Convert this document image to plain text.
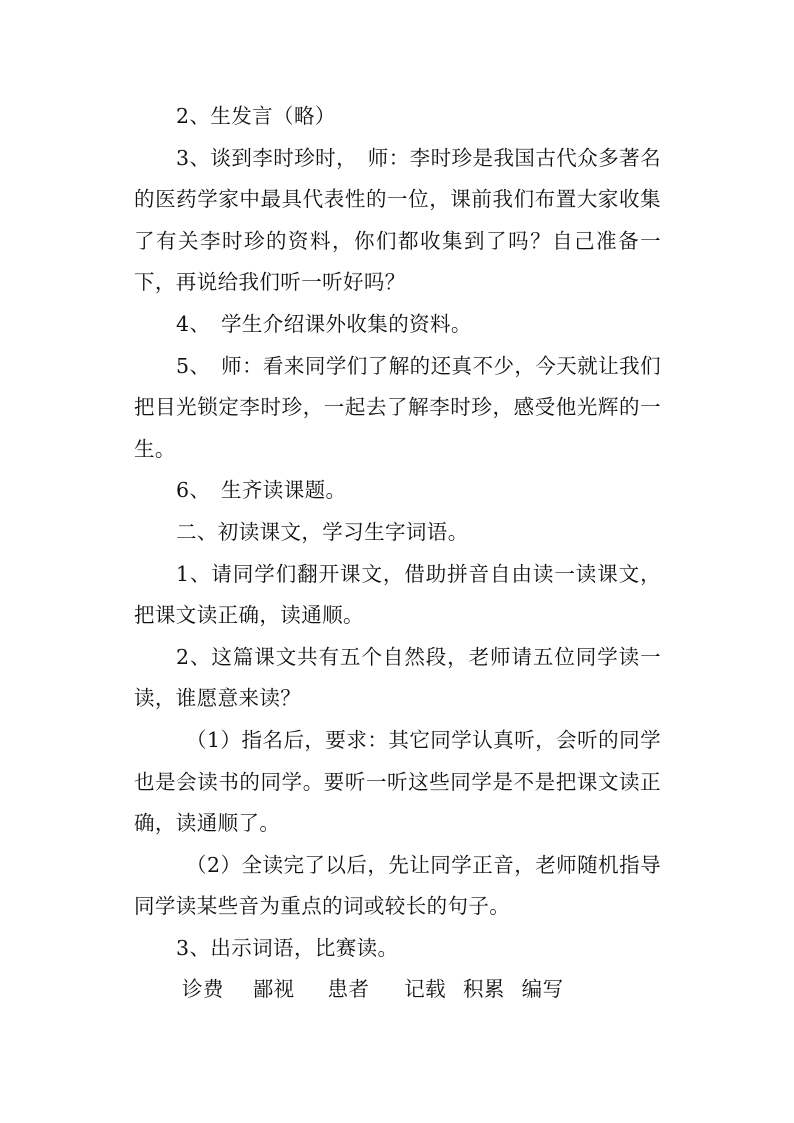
2、生发言（略）

3、谈到李时珍时，　师：李时珍是我国古代众多著名的医药学家中最具代表性的一位，课前我们布置大家收集了有关李时珍的资料，你们都收集到了吗？自己准备一下，再说给我们听一听好吗？

4、　学生介绍课外收集的资料。

5、　师：看来同学们了解的还真不少，今天就让我们把目光锁定李时珍，一起去了解李时珍，感受他光辉的一生。

6、　生齐读课题。

二、初读课文，学习生字词语。

1、请同学们翻开课文，借助拼音自由读一读课文，把课文读正确，读通顺。

2、这篇课文共有五个自然段，老师请五位同学读一读，谁愿意来读？

（1）指名后，要求：其它同学认真听，会听的同学也是会读书的同学。要听一听这些同学是不是把课文读正确，读通顺了。

（2）全读完了以后，先让同学正音，老师随机指导同学读某些音为重点的词或较长的句子。

3、出示词语，比赛读。

诊费 鄙视 患者 记载 积累 编写
